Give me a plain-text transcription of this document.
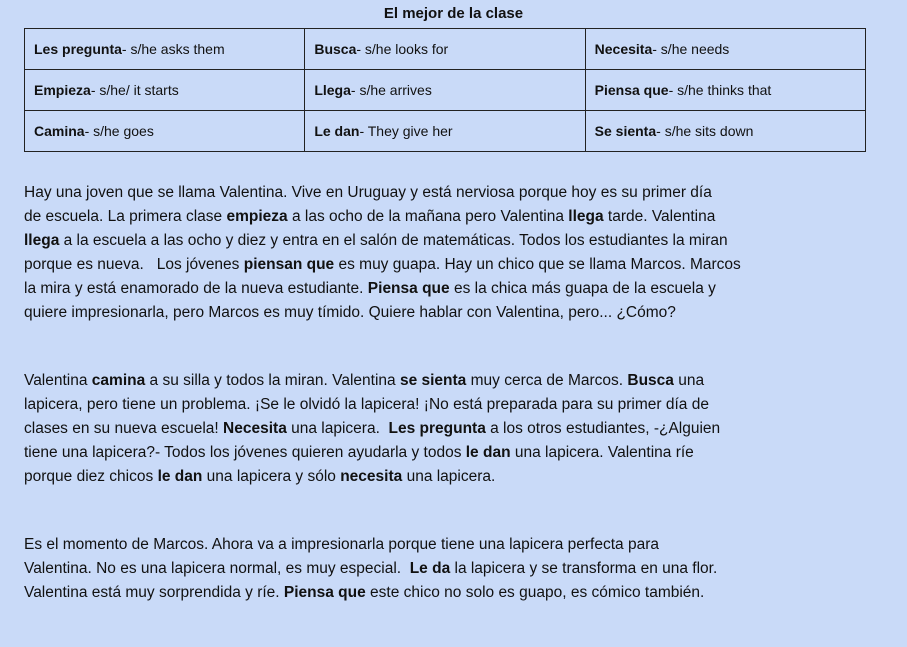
El mejor de la clase
Les pregunta- s/he asks them	Busca- s/he looks for	Necesita- s/he needs
Empieza- s/he/ it starts	Llega- s/he arrives	Piensa que- s/he thinks that
Camina- s/he goes	Le dan- They give her	Se sienta- s/he sits down
Hay una joven que se llama Valentina. Vive en Uruguay y está nerviosa porque hoy es su primer día
de escuela. La primera clase empieza a las ocho de la mañana pero Valentina llega tarde. Valentina
llega a la escuela a las ocho y diez y entra en el salón de matemáticas. Todos los estudiantes la miran
porque es nueva.   Los jóvenes piensan que es muy guapa. Hay un chico que se llama Marcos. Marcos
la mira y está enamorado de la nueva estudiante. Piensa que es la chica más guapa de la escuela y
quiere impresionarla, pero Marcos es muy tímido. Quiere hablar con Valentina, pero... ¿Cómo?
Valentina camina a su silla y todos la miran. Valentina se sienta muy cerca de Marcos. Busca una
lapicera, pero tiene un problema. ¡Se le olvidó la lapicera! ¡No está preparada para su primer día de
clases en su nueva escuela! Necesita una lapicera.  Les pregunta a los otros estudiantes, -¿Alguien
tiene una lapicera?- Todos los jóvenes quieren ayudarla y todos le dan una lapicera. Valentina ríe
porque diez chicos le dan una lapicera y sólo necesita una lapicera.
Es el momento de Marcos. Ahora va a impresionarla porque tiene una lapicera perfecta para
Valentina. No es una lapicera normal, es muy especial.  Le da la lapicera y se transforma en una flor.
Valentina está muy sorprendida y ríe. Piensa que este chico no solo es guapo, es cómico también.
